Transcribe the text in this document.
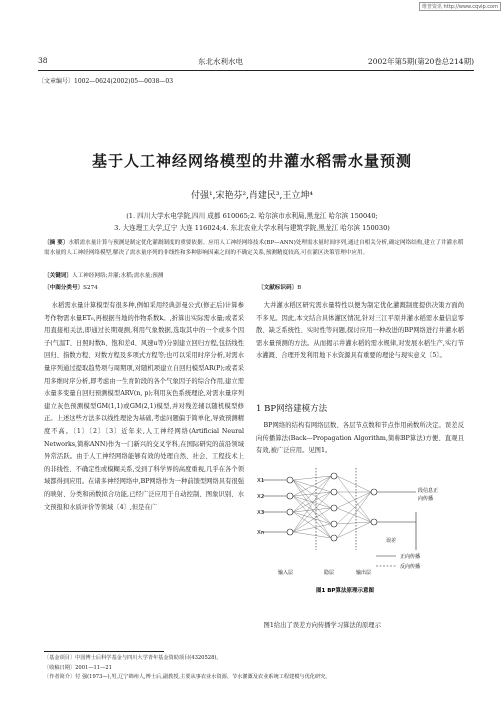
维普资讯 http://www.cqvip.com
38	东北水利水电	2002年第5期(第20卷总214期)
〔文章编号〕1002—0624(2002)05—0038—03
基于人工神经网络模型的井灌水稻需水量预测
付强¹,宋艳芬²,肖建民³,王立坤⁴
(1. 四川大学水电学院,四川 成都 610065;2. 哈尔滨市水利局,黑龙江 哈尔滨 150040;
3. 大连理工大学,辽宁 大连 116024;4. 东北农业大学水利与建筑学院,黑龙江 哈尔滨 150030)
〔摘 要〕水稻需水量计算与预测是制定优化灌溉制度的重要依据。应用人工神经网络技术(BP—ANN)处理需水量时间序列,通过自相关分析,确定网络结构,建立了井灌水稻需水量的人工神经网络模型,解决了需水量序列的非线性和多种影响因素之间的不确定关系,预测精度较高,可在灌区决策管理中应用。
〔关键词〕人工神经网络;井灌;水稻;需水量;预测
〔中图分类号〕S274	〔文献标识码〕B

水稻需水量计算模型有很多种,例如采用经典彭曼公式(修正后)计算参考作物需水量ET₀,再根据当地的作物系数k。,折算出实际需水量;或者采用直接相关法,即通过长期观测,利用气象数据,选取其中的一个或多个因子(气温T、日照时数h、饱和差d、风速u等)分别建立回归方程,包括线性回归、指数方程、对数方程及多项式方程等;也可以采用时序分析,对需水量序列通过提取趋势项与周期项,对随机项建立自回归模型AR(P);或者采用多维时序分析,即考虑由一生育阶段的各个气象因子的综合作用,建立需水量多变量自回归预测模型ARV(n, p);利用灰色系统理论,对需水量序列建立灰色预测模型GM(1,1)或GM(2,1)模型,并对残差辅以随机模型修正。上述这些方法多以线性理论为基础,考虑问题偏于简单化,导致预测精度不高。〔1〕〔2〕〔3〕近年来,人工神经网络(Artificial Neural Networks,简称ANN)作为一门新兴的交叉学科,在国际研究的前沿领域异常活跃。由于人工神经网络能够有效的处理自然、社会、工程技术上的非线性、不确定性或模糊关系,受到了科学界的高度重视,几乎在各个领域都得到应用。在诸多神经网络中,BP网络作为一种前馈型网络具有很强的映射、分类和函数拟合功能,已经广泛应用于自动控制、图象识别、水文预报和水质评价等领域〔4〕,但是在广

大井灌水稻区研究需水量特性以便为制定优化灌溉制度提供决策方面尚不多见。因此,本文结合具体灌区情况,针对三江平原井灌水稻需水量信息零散、缺乏系统性、实时性等问题,探讨应用一种改进的BP网络进行井灌水稻需水量预测的方法。从而揭示井灌水稻的需水规律,对发展水稻生产,实行节水灌溉、合理开发利用地下水资源具有重要的理论与现实意义〔5〕。

1 BP网络建模方法

BP网络的结构有网络层数、各层节点数和节点作用函数所决定。误差反向传播算法(Back—Propagation Algorithm,简称BP算法)方便、直观且有效,被广泛应用。见图1。

X1
X2
X3
Xn
段信息正
向传播
误差
正向传播
反向传播
输入层	隐层	输出层
图1 BP算法原理示意图

图1给出了误差方向传播学习算法的原理示

〔基金项目〕中国博士后科学基金与四川大学青年基金资助项目(4320528)。
〔收稿日期〕2001—11—21
〔作者简介〕付 强(1973—),男,辽宁锦州人,博士后,副教授,主要从事农业水资源、节水灌溉及农业系统工程建模与优化研究。
